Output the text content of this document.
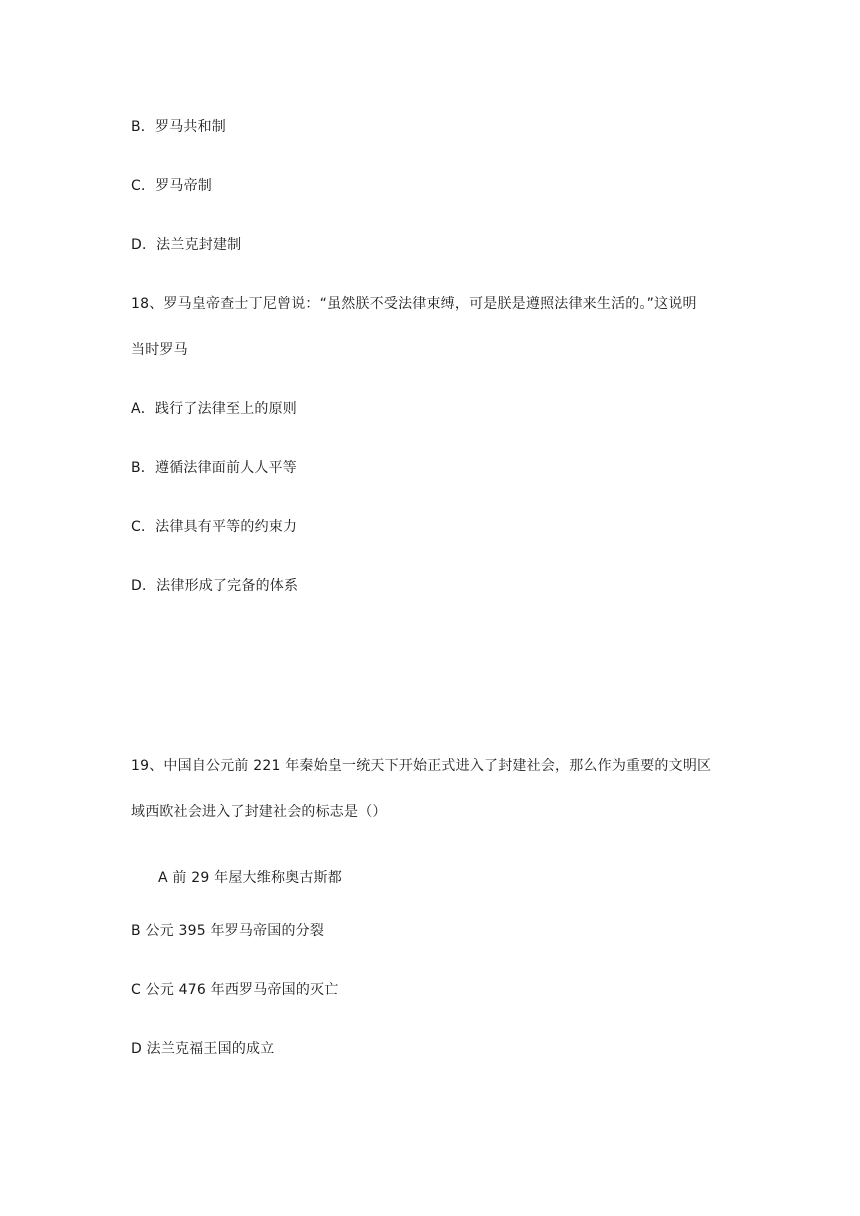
B．罗马共和制
C．罗马帝制
D．法兰克封建制
18、罗马皇帝查士丁尼曾说：“虽然朕不受法律束缚，可是朕是遵照法律来生活的。”这说明
当时罗马
A．践行了法律至上的原则
B．遵循法律面前人人平等
C．法律具有平等的约束力
D．法律形成了完备的体系
19、中国自公元前 221 年秦始皇一统天下开始正式进入了封建社会，那么作为重要的文明区
域西欧社会进入了封建社会的标志是（）
A 前 29 年屋大维称奥古斯都
B 公元 395 年罗马帝国的分裂
C 公元 476 年西罗马帝国的灭亡
D 法兰克福王国的成立
